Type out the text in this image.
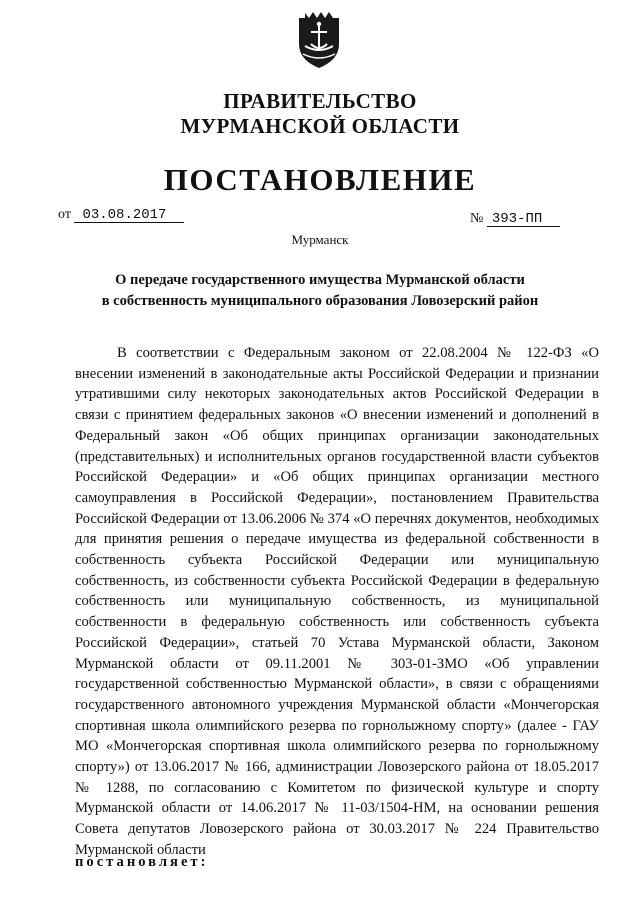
ПРАВИТЕЛЬСТВО
МУРМАНСКОЙ ОБЛАСТИ
ПОСТАНОВЛЕНИЕ
от 03.08.2017	№ 393-ПП
Мурманск
О передаче государственного имущества Мурманской области
в собственность муниципального образования Ловозерский район

В соответствии с Федеральным законом от 22.08.2004 № 122-ФЗ «О внесении изменений в законодательные акты Российской Федерации и признании утратившими силу некоторых законодательных актов Российской Федерации в связи с принятием федеральных законов «О внесении изменений и дополнений в Федеральный закон «Об общих принципах организации законодательных (представительных) и исполнительных органов государственной власти субъектов Российской Федерации» и «Об общих принципах организации местного самоуправления в Российской Федерации», постановлением Правительства Российской Федерации от 13.06.2006 № 374 «О перечнях документов, необходимых для принятия решения о передаче имущества из федеральной собственности в собственность субъекта Российской Федерации или муниципальную собственность, из собственности субъекта Российской Федерации в федеральную собственность или муниципальную собственность, из муниципальной собственности в федеральную собственность или собственность субъекта Российской Федерации», статьей 70 Устава Мурманской области, Законом Мурманской области от 09.11.2001 № 303-01-ЗМО «Об управлении государственной собственностью Мурманской области», в связи с обращениями государственного автономного учреждения Мурманской области «Мончегорская спортивная школа олимпийского резерва по горнолыжному спорту» (далее - ГАУ МО «Мончегорская спортивная школа олимпийского резерва по горнолыжному спорту») от 13.06.2017 № 166, администрации Ловозерского района от 18.05.2017 № 1288, по согласованию с Комитетом по физической культуре и спорту Мурманской области от 14.06.2017 № 11-03/1504-НМ, на основании решения Совета депутатов Ловозерского района от 30.03.2017 № 224 Правительство Мурманской области

постановляет:
